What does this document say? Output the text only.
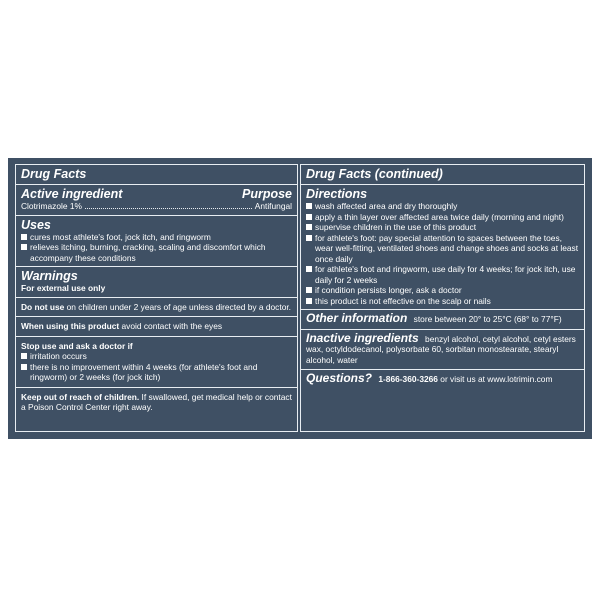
Drug Facts
Active ingredient	Purpose
Clotrimazole 1%	Antifungal
Uses
cures most athlete's foot, jock itch, and ringworm
relieves itching, burning, cracking, scaling and discomfort which accompany these conditions
Warnings
For external use only
Do not use on children under 2 years of age unless directed by a doctor.
When using this product avoid contact with the eyes
Stop use and ask a doctor if
irritation occurs
there is no improvement within 4 weeks (for athlete's foot and ringworm) or 2 weeks (for jock itch)
Keep out of reach of children. If swallowed, get medical help or contact a Poison Control Center right away.
Drug Facts (continued)
Directions
wash affected area and dry thoroughly
apply a thin layer over affected area twice daily (morning and night)
supervise children in the use of this product
for athlete's foot: pay special attention to spaces between the toes, wear well-fitting, ventilated shoes and change shoes and socks at least once daily
for athlete's foot and ringworm, use daily for 4 weeks; for jock itch, use daily for 2 weeks
if condition persists longer, ask a doctor
this product is not effective on the scalp or nails
Other information store between 20° to 25°C (68° to 77°F)
Inactive ingredients benzyl alcohol, cetyl alcohol, cetyl esters wax, octyldodecanol, polysorbate 60, sorbitan monostearate, stearyl alcohol, water
Questions? 1-866-360-3266 or visit us at www.lotrimin.com
